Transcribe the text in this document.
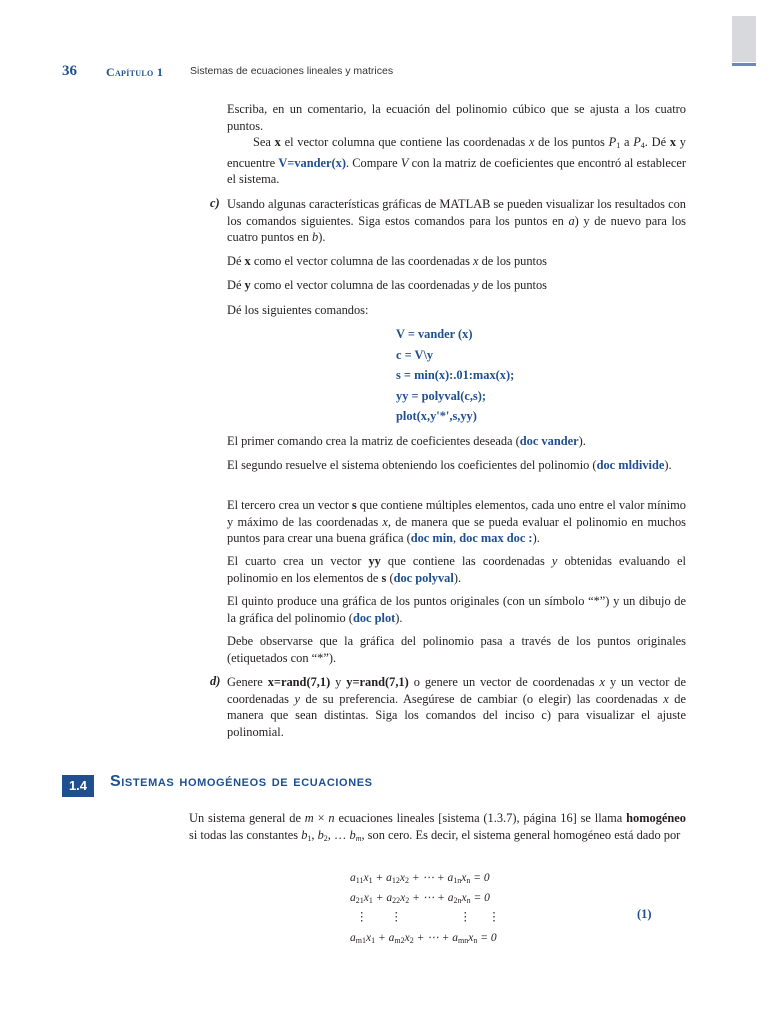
36 Capítulo 1	Sistemas de ecuaciones lineales y matrices
Escriba, en un comentario, la ecuación del polinomio cúbico que se ajusta a los cuatro puntos.
Sea x el vector columna que contiene las coordenadas x de los puntos $P_1$ a $P_4$. Dé x y encuentre V=vander(x). Compare V con la matriz de coeficientes que encontró al establecer el sistema.
c) Usando algunas características gráficas de MATLAB se pueden visualizar los resultados con los comandos siguientes. Siga estos comandos para los puntos en a) y de nuevo para los cuatro puntos en b).
Dé x como el vector columna de las coordenadas x de los puntos
Dé y como el vector columna de las coordenadas y de los puntos
Dé los siguientes comandos:
V = vander (x)
c = V\y
s = min(x):.01:max(x);
yy = polyval(c,s);
plot(x,y'*',s,yy)
El primer comando crea la matriz de coeficientes deseada (doc vander).
El segundo resuelve el sistema obteniendo los coeficientes del polinomio (doc mldivide).
El tercero crea un vector s que contiene múltiples elementos, cada uno entre el valor mínimo y máximo de las coordenadas x, de manera que se pueda evaluar el polinomio en muchos puntos para crear una buena gráfica (doc min, doc max doc :).
El cuarto crea un vector yy que contiene las coordenadas y obtenidas evaluando el polinomio en los elementos de s (doc polyval).
El quinto produce una gráfica de los puntos originales (con un símbolo “*”) y un dibujo de la gráfica del polinomio (doc plot).
Debe observarse que la gráfica del polinomio pasa a través de los puntos originales (etiquetados con “*”).
d) Genere x=rand(7,1) y y=rand(7,1) o genere un vector de coordenadas x y un vector de coordenadas y de su preferencia. Asegúrese de cambiar (o elegir) las coordenadas x de manera que sean distintas. Siga los comandos del inciso c) para visualizar el ajuste polinomial.
1.4	Sistemas homogéneos de ecuaciones
Un sistema general de m × n ecuaciones lineales [sistema (1.3.7), página 16] se llama homogéneo si todas las constantes $b_1$, $b_2$, … $b_m$, son cero. Es decir, el sistema general homogéneo está dado por
$a_{11}x_1 + a_{12}x_2$ + ⋯ + $a_{1n}x_n = 0$
$a_{21}x_1 + a_{22}x_2$ + ⋯ + $a_{2n}x_n = 0$
⋮        ⋮                    ⋮      ⋮
$a_{m1}x_1 + a_{m2}x_2$ + ⋯ + $a_{mn}x_n = 0$
(1)
